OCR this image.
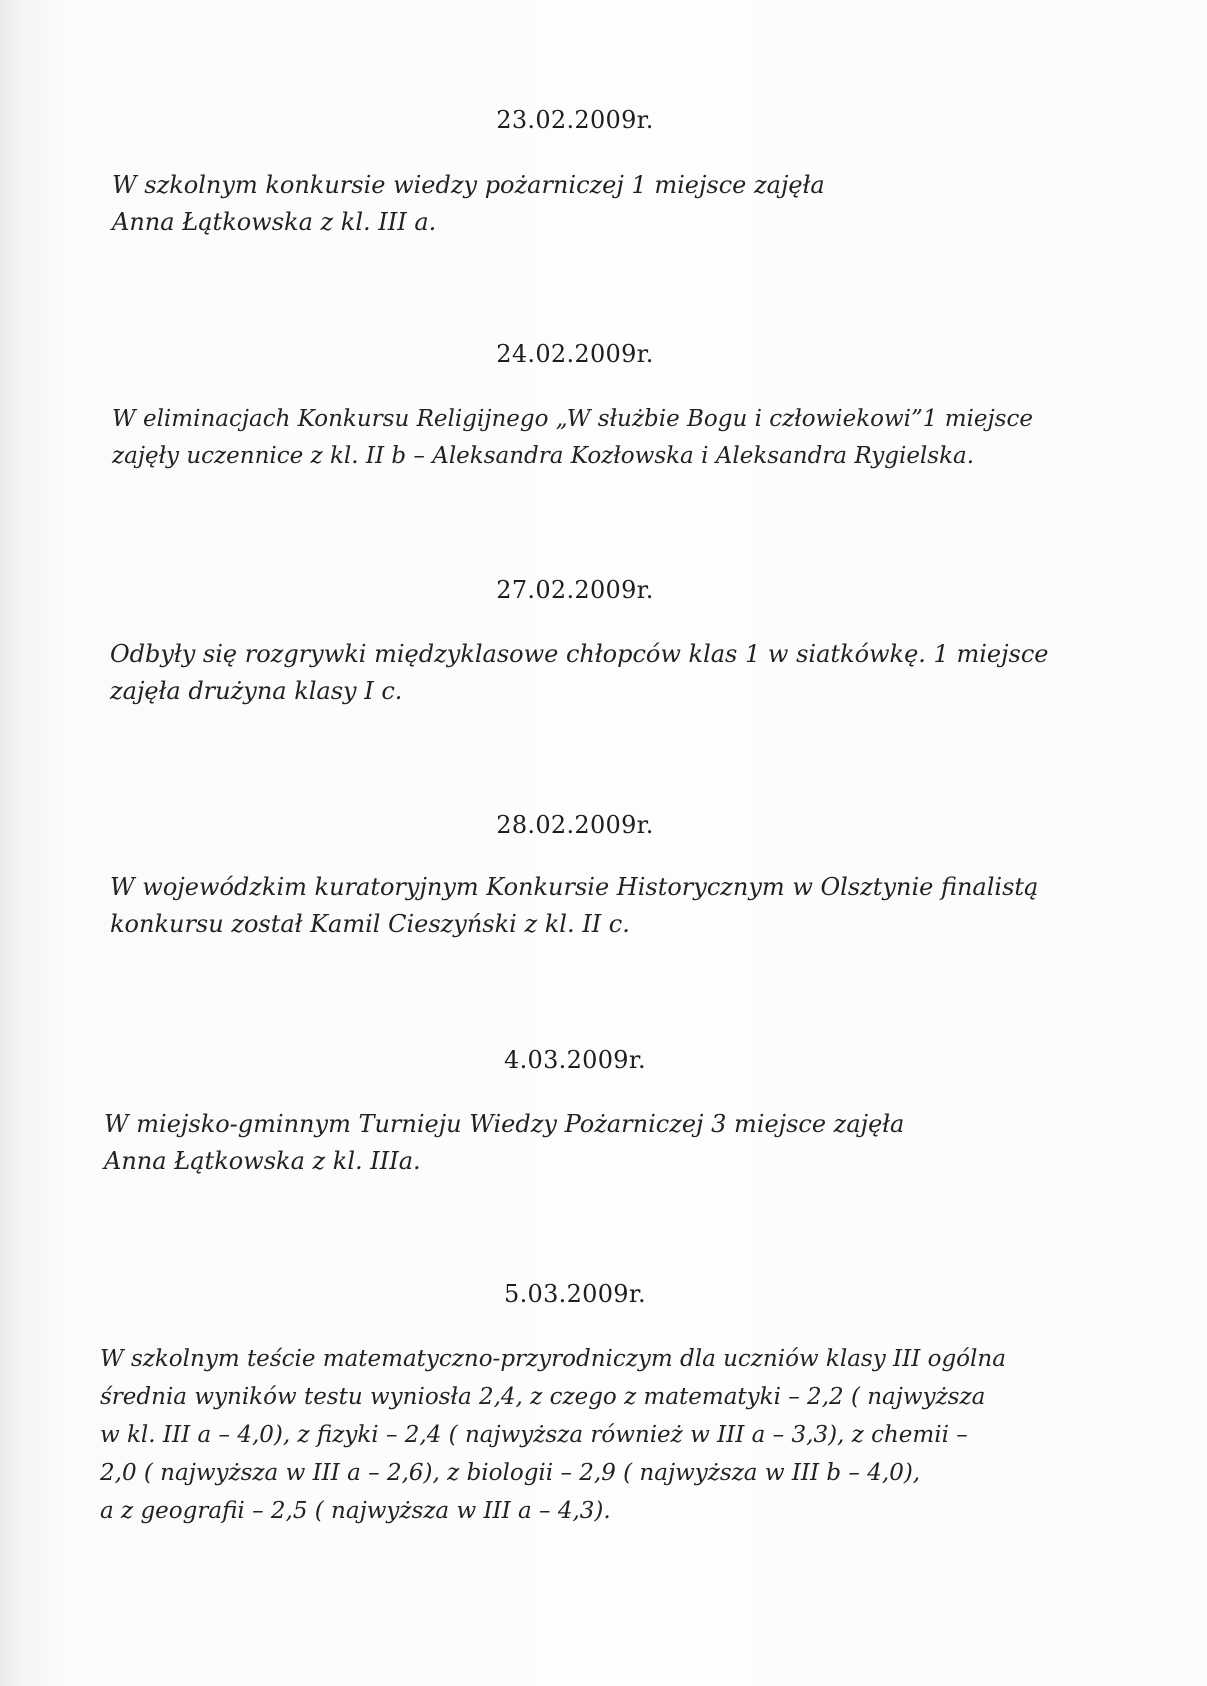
23.02.2009r.
W szkolnym konkursie wiedzy pożarniczej 1 miejsce zajęła
Anna Łątkowska z kl. III a.
24.02.2009r.
W eliminacjach Konkursu Religijnego „W służbie Bogu i człowiekowi”1 miejsce
zajęły uczennice z kl. II b – Aleksandra Kozłowska i Aleksandra Rygielska.
27.02.2009r.
Odbyły się rozgrywki międzyklasowe chłopców klas 1 w siatkówkę. 1 miejsce
zajęła drużyna klasy I c.
28.02.2009r.
W wojewódzkim kuratoryjnym Konkursie Historycznym w Olsztynie finalistą
konkursu został Kamil Cieszyński z kl. II c.
4.03.2009r.
W miejsko-gminnym Turnieju Wiedzy Pożarniczej 3 miejsce zajęła
Anna Łątkowska z kl. IIIa.
5.03.2009r.
W szkolnym teście matematyczno-przyrodniczym dla uczniów klasy III ogólna
średnia wyników testu wyniosła 2,4, z czego z matematyki – 2,2 ( najwyższa
w kl. III a – 4,0), z fizyki – 2,4 ( najwyższa również w III a – 3,3), z chemii –
2,0 ( najwyższa w III a – 2,6), z biologii – 2,9 ( najwyższa w III b – 4,0),
a z geografii – 2,5 ( najwyższa w III a – 4,3).
